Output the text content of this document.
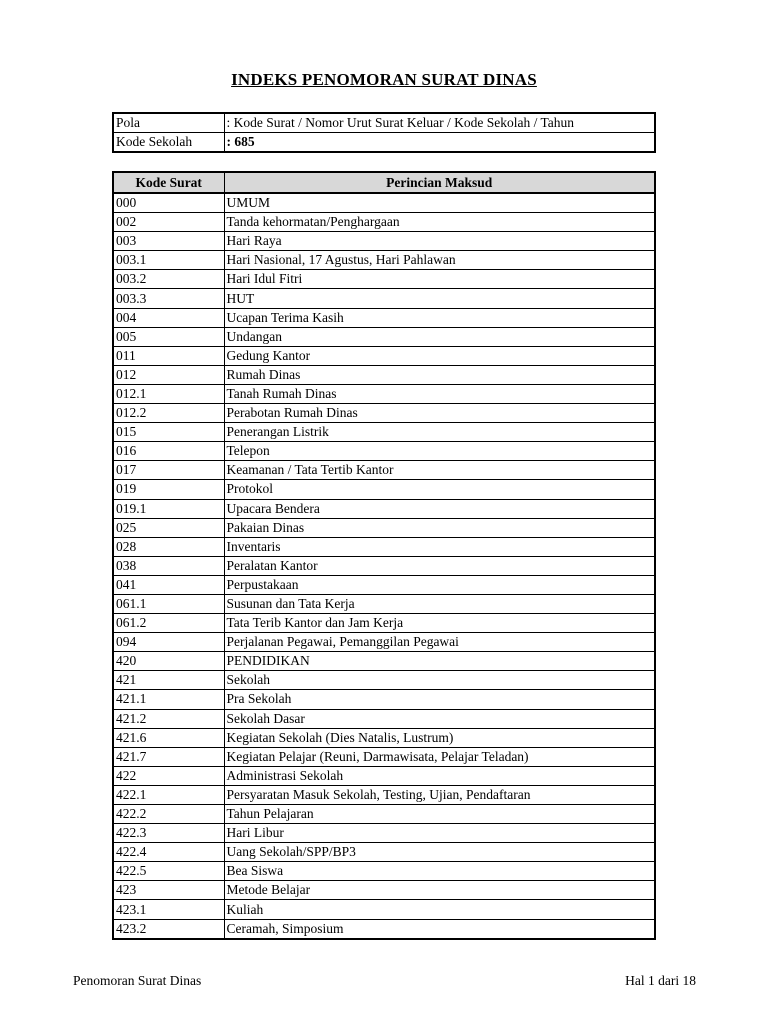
INDEKS PENOMORAN SURAT DINAS
Pola	: Kode Surat / Nomor Urut Surat Keluar / Kode Sekolah / Tahun
Kode Sekolah	: 685
Kode Surat	Perincian Maksud
000	UMUM
002	Tanda kehormatan/Penghargaan
003	Hari Raya
003.1	Hari Nasional, 17 Agustus, Hari Pahlawan
003.2	Hari Idul Fitri
003.3	HUT
004	Ucapan Terima Kasih
005	Undangan
011	Gedung Kantor
012	Rumah Dinas
012.1	Tanah Rumah Dinas
012.2	Perabotan Rumah Dinas
015	Penerangan Listrik
016	Telepon
017	Keamanan / Tata Tertib Kantor
019	Protokol
019.1	Upacara Bendera
025	Pakaian Dinas
028	Inventaris
038	Peralatan Kantor
041	Perpustakaan
061.1	Susunan dan Tata Kerja
061.2	Tata Terib Kantor dan Jam Kerja
094	Perjalanan Pegawai, Pemanggilan Pegawai
420	PENDIDIKAN
421	Sekolah
421.1	Pra Sekolah
421.2	Sekolah Dasar
421.6	Kegiatan Sekolah (Dies Natalis, Lustrum)
421.7	Kegiatan Pelajar (Reuni, Darmawisata, Pelajar Teladan)
422	Administrasi Sekolah
422.1	Persyaratan Masuk Sekolah, Testing, Ujian, Pendaftaran
422.2	Tahun Pelajaran
422.3	Hari Libur
422.4	Uang Sekolah/SPP/BP3
422.5	Bea Siswa
423	Metode Belajar
423.1	Kuliah
423.2	Ceramah, Simposium
Penomoran Surat Dinas	Hal 1 dari 18
